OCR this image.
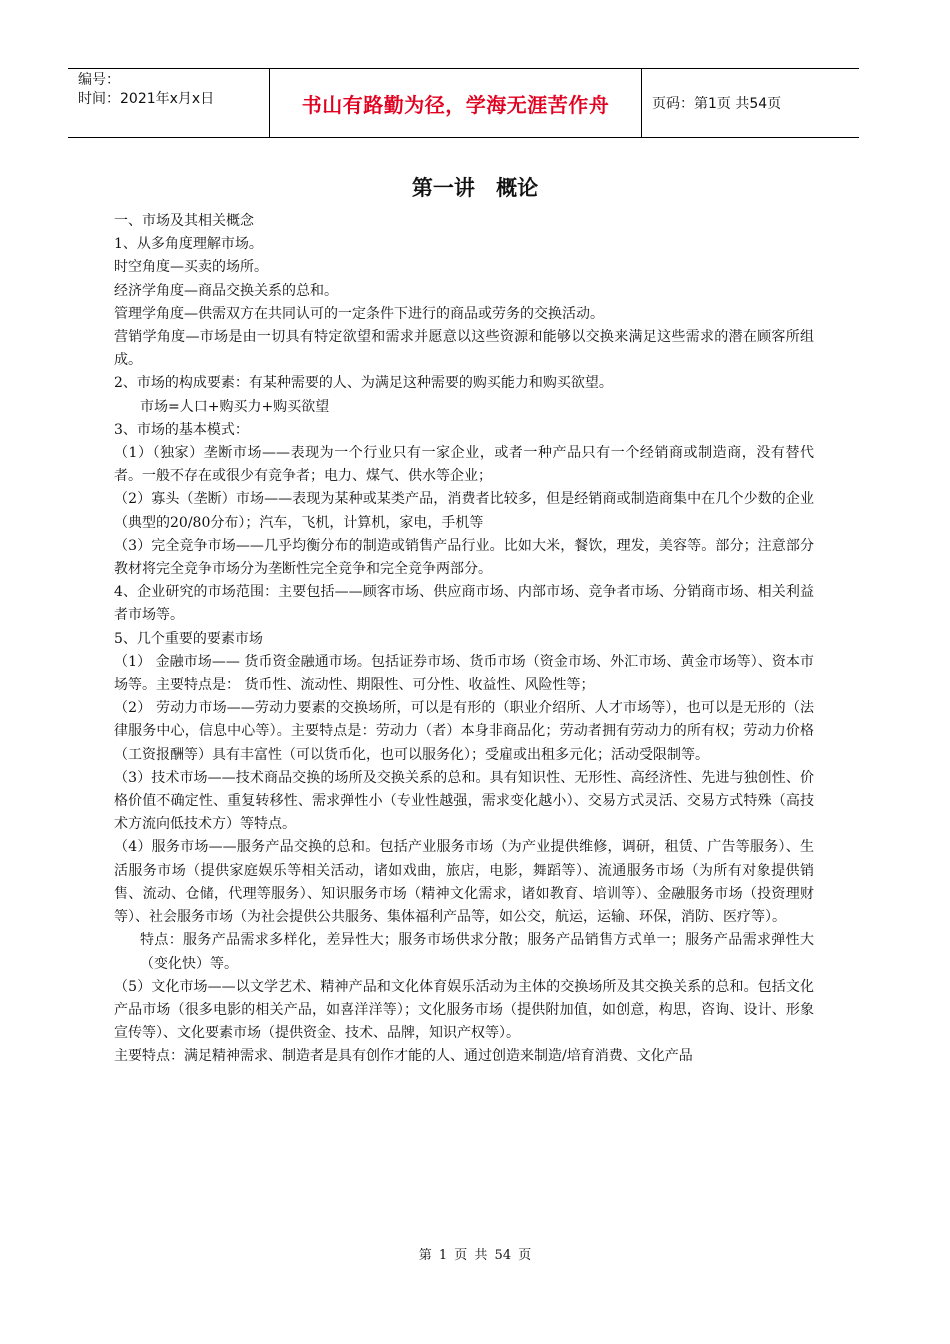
编号：
时间：2021年x月x日	书山有路勤为径，学海无涯苦作舟	页码：第1页 共54页
第一讲 概论

一、市场及其相关概念

1、从多角度理解市场。

时空角度—买卖的场所。

经济学角度—商品交换关系的总和。

管理学角度—供需双方在共同认可的一定条件下进行的商品或劳务的交换活动。

营销学角度—市场是由一切具有特定欲望和需求并愿意以这些资源和能够以交换来满足这些需求的潜在顾客所组成。

2、市场的构成要素：有某种需要的人、为满足这种需要的购买能力和购买欲望。

市场=人口+购买力+购买欲望

3、市场的基本模式：

（1）（独家）垄断市场——表现为一个行业只有一家企业，或者一种产品只有一个经销商或制造商，没有替代者。一般不存在或很少有竞争者；电力、煤气、供水等企业；

（2）寡头（垄断）市场——表现为某种或某类产品，消费者比较多，但是经销商或制造商集中在几个少数的企业（典型的20/80分布）；汽车，飞机，计算机，家电，手机等

（3）完全竞争市场——几乎均衡分布的制造或销售产品行业。比如大米，餐饮，理发，美容等。部分；注意部分教材将完全竞争市场分为垄断性完全竞争和完全竞争两部分。

4、企业研究的市场范围：主要包括——顾客市场、供应商市场、内部市场、竞争者市场、分销商市场、相关利益者市场等。

5、几个重要的要素市场

（1） 金融市场—— 货币资金融通市场。包括证券市场、货币市场（资金市场、外汇市场、黄金市场等）、资本市场等。主要特点是： 货币性、流动性、期限性、可分性、收益性、风险性等；

（2） 劳动力市场——劳动力要素的交换场所，可以是有形的（职业介绍所、人才市场等），也可以是无形的（法律服务中心，信息中心等）。主要特点是：劳动力（者）本身非商品化；劳动者拥有劳动力的所有权；劳动力价格（工资报酬等）具有丰富性（可以货币化，也可以服务化）；受雇或出租多元化；活动受限制等。

（3）技术市场——技术商品交换的场所及交换关系的总和。具有知识性、无形性、高经济性、先进与独创性、价格价值不确定性、重复转移性、需求弹性小（专业性越强，需求变化越小）、交易方式灵活、交易方式特殊（高技术方流向低技术方）等特点。

（4）服务市场——服务产品交换的总和。包括产业服务市场（为产业提供维修，调研，租赁、广告等服务）、生活服务市场（提供家庭娱乐等相关活动，诸如戏曲，旅店，电影，舞蹈等）、流通服务市场（为所有对象提供销售、流动、仓储，代理等服务）、知识服务市场（精神文化需求，诸如教育、培训等）、金融服务市场（投资理财等）、社会服务市场（为社会提供公共服务、集体福利产品等，如公交，航运，运输、环保，消防、医疗等）。

特点：服务产品需求多样化，差异性大；服务市场供求分散；服务产品销售方式单一；服务产品需求弹性大（变化快）等。

（5）文化市场——以文学艺术、精神产品和文化体育娱乐活动为主体的交换场所及其交换关系的总和。包括文化产品市场（很多电影的相关产品，如喜洋洋等）；文化服务市场（提供附加值，如创意，构思，咨询、设计、形象宣传等）、文化要素市场（提供资金、技术、品牌，知识产权等）。

主要特点：满足精神需求、制造者是具有创作才能的人、通过创造来制造/培育消费、文化产品

第 1 页 共 54 页
